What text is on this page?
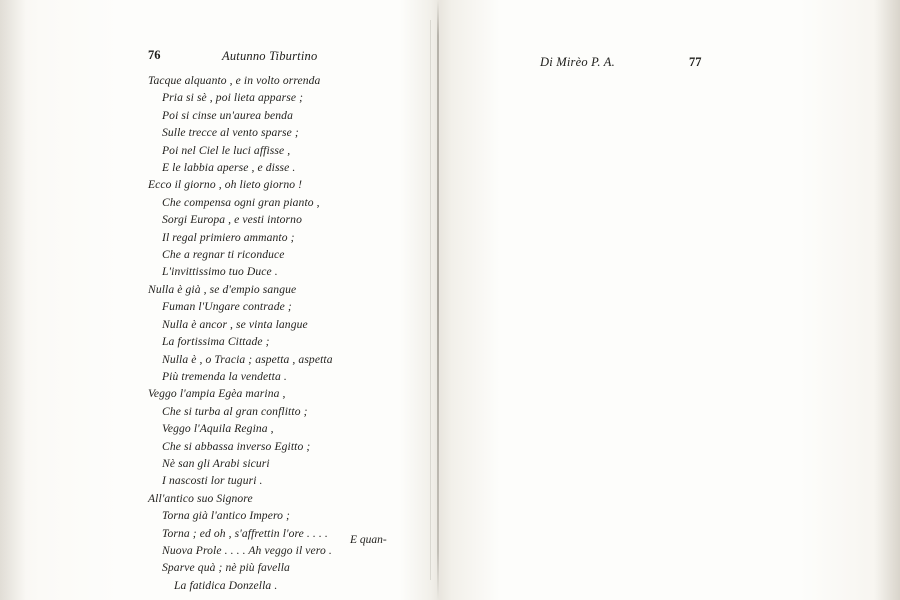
76	Autunno Tiburtino
Tacque alquanto , e in volto orrenda
Pria si sè , poi lieta apparse ;
Poi si cinse un'aurea benda
Sulle trecce al vento sparse ;
Poi nel Ciel le luci affisse ,
E le labbia aperse , e disse .
Ecco il giorno , oh lieto giorno !
Che compensa ogni gran pianto ,
Sorgi Europa , e vesti intorno
Il regal primiero ammanto ;
Che a regnar ti riconduce
L'invittissimo tuo Duce .
Nulla è già , se d'empio sangue
Fuman l'Ungare contrade ;
Nulla è ancor , se vinta langue
La fortissima Cittade ;
Nulla è , o Tracia ; aspetta , aspetta
Più tremenda la vendetta .
Veggo l'ampia Egèa marina ,
Che si turba al gran conflitto ;
Veggo l'Aquila Regina ,
Che si abbassa inverso Egitto ;
Nè san gli Arabi sicuri
I nascosti lor tuguri .
All'antico suo Signore
Torna già l'antico Impero ;
Torna ; ed oh , s'affrettin l'ore . . . .
Nuova Prole . . . . Ah veggo il vero .
Sparve quà ; nè più favella
La fatidica Donzella .
E quan-
Di Mirèo P. A.	77
